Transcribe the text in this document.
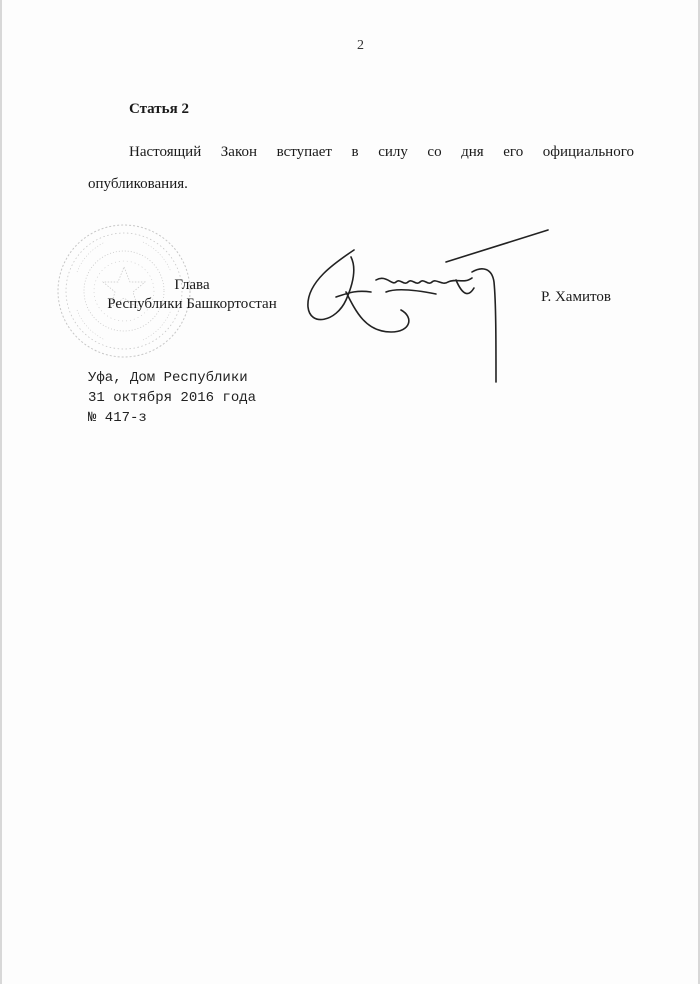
2
Статья 2
Настоящий Закон вступает в силу со дня его официального опубликования.
Глава
Республики Башкортостан	Р. Хамитов
Уфа, Дом Республики
31 октября 2016 года
№ 417-з
